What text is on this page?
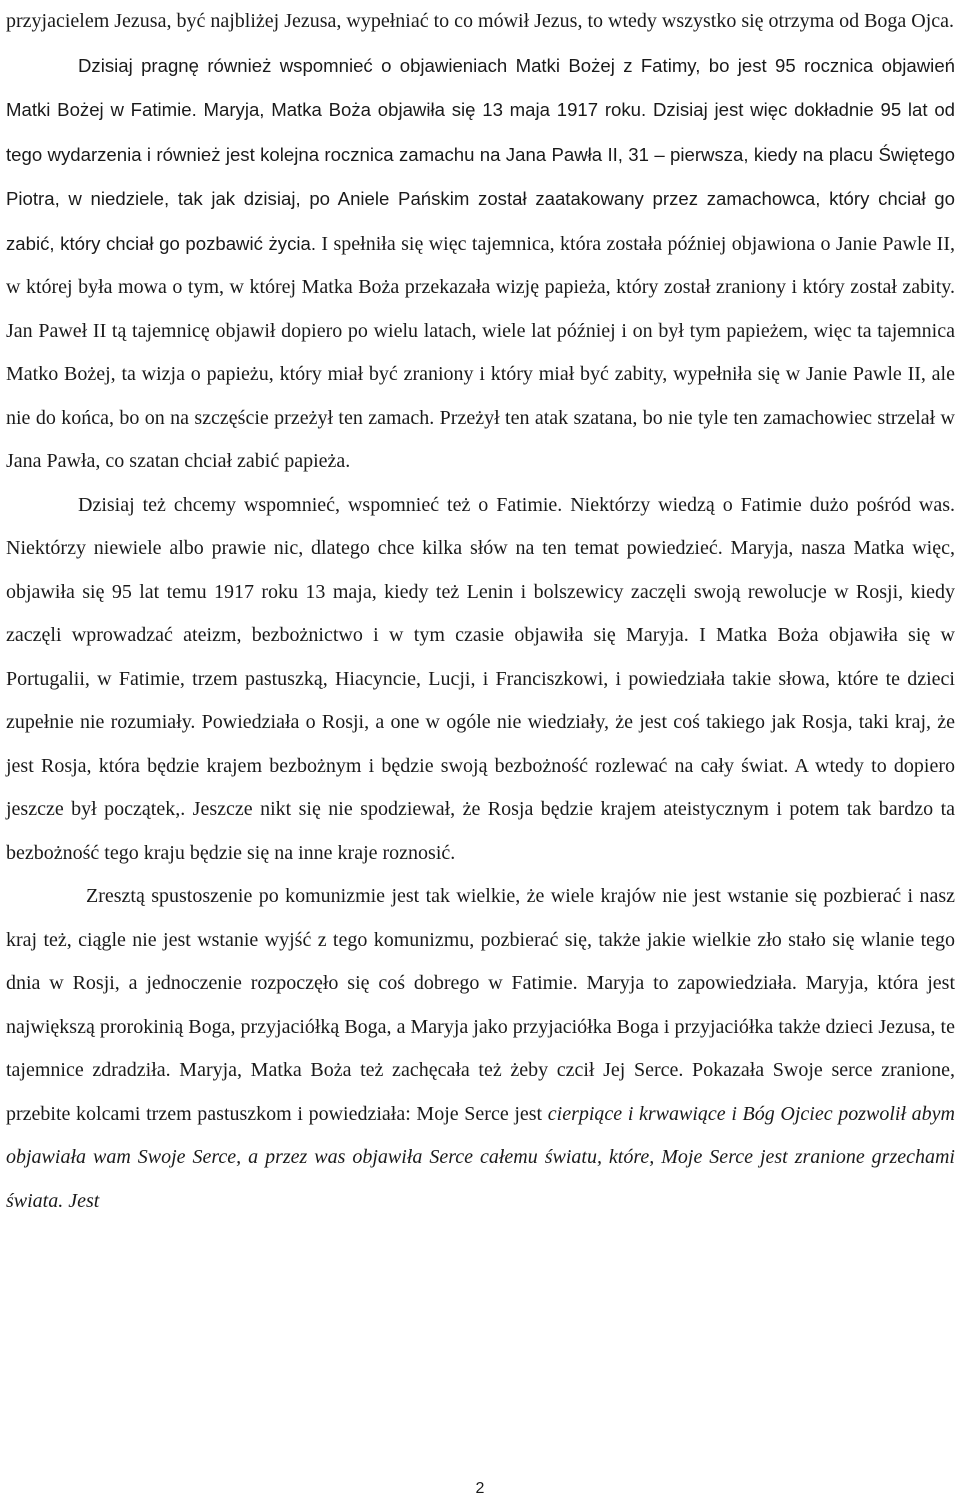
przyjacielem Jezusa, być najbliżej Jezusa, wypełniać to co mówił Jezus, to wtedy wszystko się otrzyma od Boga Ojca.

Dzisiaj pragnę również wspomnieć o objawieniach Matki Bożej z Fatimy, bo jest 95 rocznica objawień Matki Bożej w Fatimie. Maryja, Matka Boża objawiła się 13 maja 1917 roku. Dzisiaj jest więc dokładnie 95 lat od tego wydarzenia i również jest kolejna rocznica zamachu na Jana Pawła II, 31 – pierwsza, kiedy na placu Świętego Piotra, w niedziele, tak jak dzisiaj, po Aniele Pańskim został zaatakowany przez zamachowca, który chciał go zabić, który chciał go pozbawić życia. I spełniła się więc tajemnica, która została później objawiona o Janie Pawle II, w której była mowa o tym, w której Matka Boża przekazała wizję papieża, który został zraniony i który został zabity. Jan Paweł II tą tajemnicę objawił dopiero po wielu latach, wiele lat później i on był tym papieżem, więc ta tajemnica Matko Bożej, ta wizja o papieżu, który miał być zraniony i który miał być zabity, wypełniła się w Janie Pawle II, ale nie do końca, bo on na szczęście przeżył ten zamach. Przeżył ten atak szatana, bo nie tyle ten zamachowiec strzelał w Jana Pawła, co szatan chciał zabić papieża.

Dzisiaj też chcemy wspomnieć, wspomnieć też o Fatimie. Niektórzy wiedzą o Fatimie dużo pośród was. Niektórzy niewiele albo prawie nic, dlatego chce kilka słów na ten temat powiedzieć. Maryja, nasza Matka więc, objawiła się 95 lat temu 1917 roku 13 maja, kiedy też Lenin i bolszewicy zaczęli swoją rewolucje w Rosji, kiedy zaczęli wprowadzać ateizm, bezbożnictwo i w tym czasie objawiła się Maryja. I Matka Boża objawiła się w Portugalii, w Fatimie, trzem pastuszką, Hiacyncie, Lucji, i Franciszkowi, i powiedziała takie słowa, które te dzieci zupełnie nie rozumiały. Powiedziała o Rosji, a one w ogóle nie wiedziały, że jest coś takiego jak Rosja, taki kraj, że jest Rosja, która będzie krajem bezbożnym i będzie swoją bezbożność rozlewać na cały świat. A wtedy to dopiero jeszcze był początek,. Jeszcze nikt się nie spodziewał, że Rosja będzie krajem ateistycznym i potem tak bardzo ta bezbożność tego kraju będzie się na inne kraje roznosić.

Zresztą spustoszenie po komunizmie jest tak wielkie, że wiele krajów nie jest wstanie się pozbierać i nasz kraj też, ciągle nie jest wstanie wyjść z tego komunizmu, pozbierać się, także jakie wielkie zło stało się wlanie tego dnia w Rosji, a jednoczenie rozpoczęło się coś dobrego w Fatimie. Maryja to zapowiedziała. Maryja, która jest największą prorokinią Boga, przyjaciółką Boga, a Maryja jako przyjaciółka Boga i przyjaciółka także dzieci Jezusa, te tajemnice zdradziła. Maryja, Matka Boża też zachęcała też żeby czcił Jej Serce. Pokazała Swoje serce zranione, przebite kolcami trzem pastuszkom i powiedziała: Moje Serce jest cierpiące i krwawiące i Bóg Ojciec pozwolił abym objawiała wam Swoje Serce, a przez was objawiła Serce całemu światu, które, Moje Serce jest zranione grzechami świata. Jest

2
